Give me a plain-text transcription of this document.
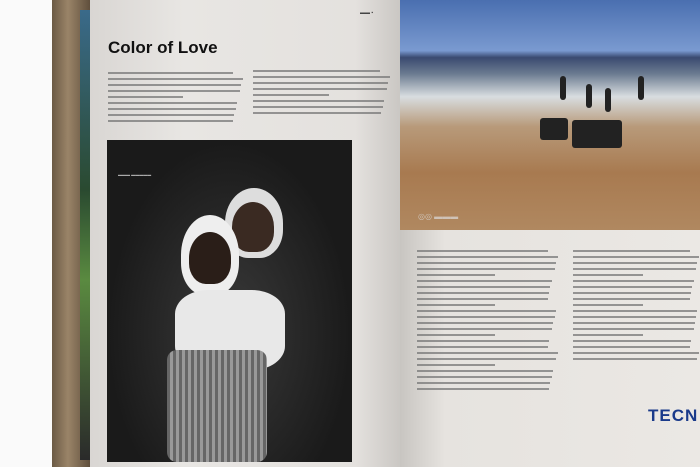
▬▬ ▪
Color of Love
▬▬▬ ▬▬▬▬▬
◎◎ ▬▬▬
TECN
